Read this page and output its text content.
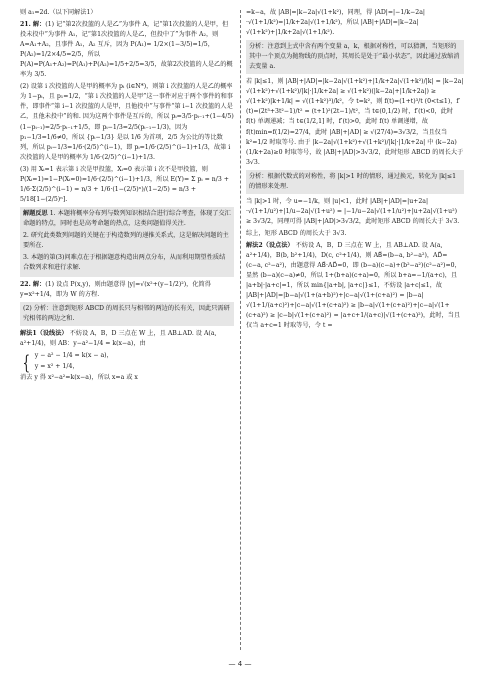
则 a₁=2d.（以下同解法1）

21. 解：(1) 记“第2次投篮的人是乙”为事件 A，记“第1次投篮的人是甲，但投未投中”为事件 A₁，记“第1次投篮的人是乙，但投中了”为事件 A₂，则 A=A₁+A₂，且事件 A₁，A₂ 互斥，因为 P(A₁)= 1/2×(1−3/5)=1/5，P(A₂)=1/2×4/5=2/5，所以 P(A)=P(A₁+A₂)=P(A₁)+P(A₂)=1/5+2/5=3/5，故第2次投篮的人是乙的概率为 3/5.

(2) 设第 i 次投篮的人是甲的概率为 pᵢ (i∈N*)，则第 i 次投篮的人是乙的概率为 1−pᵢ，且 p₁=1/2，“第 i 次投篮的人是甲”这一事件对应于两个事件的和事件，即事件“第 i−1 次投篮的人是甲，且他投中”与事件“第 i−1 次投篮的人是乙，且他未投中”的和. 因为这两个事件是互斥的，所以 pᵢ=3/5·pᵢ₋₁+(1−4/5)(1−pᵢ₋₁)=2/5·pᵢ₋₁+1/5，即 pᵢ−1/3=2/5(pᵢ₋₁−1/3)，因为 p₁−1/3=1/6≠0，所以 {pᵢ−1/3} 是以 1/6 为首项，2/5 为公比的等比数列，所以 pᵢ−1/3=1/6·(2/5)^(i−1)，即 pᵢ=1/6·(2/5)^(i−1)+1/3，故第 i 次投篮的人是甲的概率为 1/6·(2/5)^(i−1)+1/3.

(3) 用 Xᵢ=1 表示第 i 次是甲投篮，Xᵢ=0 表示第 i 次不是甲投篮，则 P(Xᵢ=1)=1−P(Xᵢ=0)=1/6·(2/5)^(i−1)+1/3，所以 E(Y)= Σ pᵢ = n/3 + 1/6·Σ(2/5)^(i−1) = n/3 + 1/6·(1−(2/5)ⁿ)/(1−2/5) = n/3 + 5/18[1−(2/5)ⁿ].

解题反思 1. 本题将概率分布列与数列知识相结合进行综合考查，体现了交汇命题的特点，同时也是高考命题的热点，这类问题值得关注.

2. 研究此类数列问题的关键在于构造数列的递推关系式，这是解决问题的主要所在.

3. 本题的第(3)问难点在于根据题意构造出两点分布，从而利用期望性质结合数列求和进行求解.

22. 解：(1) 设点 P(x,y)，则由题意得 |y|=√(x²+(y−1/2)²)，化简得 y=x²+1/4，即为 W 的方程.

(2) 分析：注意到矩形 ABCD 的周长只与相邻的两边的长有关，因此只需研究相邻的两边之和.

解法1（设线法） 不妨设 A，B，D 三点在 W 上，且 AB⊥AD. 设 A(a, a²+1/4)，则 AB：y−a²−1/4 = k(x−a)，由

{ y − a² − 1/4 = k(x − a)，
y = x² + 1/4，

消去 y 得 x²−a²=k(x−a)，所以 x=a 或 x

=k−a，故 |AB|=|k−2a|√(1+k²)，同理，得 |AD|=|−1/k−2a|·√(1+1/k²)=|1/k+2a|√(1+1/k²)，所以 |AB|+|AD|=|k−2a|√(1+k²)+|1/k+2a|√(1+1/k²).

分析：注意到上式中含有两个变量 a，k，根据对称性，可以猜测，当矩形的其中一个顶点为抛物线的顶点时，其周长是处于“最小状态”，因此通过放缩消去变量 a.

若 |k|≤1，则 |AB|+|AD|=|k−2a|√(1+k²)+|1/k+2a|√(1+k²)/|k| = |k−2a|√(1+k²)+√(1+k²)/|k|·|1/k+2a| ≥ √(1+k²)(|k−2a|+|1/k+2a|) ≥ √(1+k²)|k+1/k| = √((1+k²)³)/k²，令 t=k²，则 f(t)=(1+t)³/t (0<t≤1)，f′(t)=(2t³+3t²−1)/t² = (t+1)²(2t−1)/t²，当 t∈(0,1/2) 时，f′(t)<0，此时 f(t) 单调递减；当 t∈(1/2,1] 时，f′(t)>0，此时 f(t) 单调递增，故 f(t)min=f(1/2)=27/4，此时 |AB|+|AD| ≥ √(27/4)=3√3/2，当且仅当 k²=1/2 时取等号. 由于 |k−2a|√(1+k²)+√(1+k²)/|k|·|1/k+2a| 中 (k−2a)(1/k+2a)≥0 时取等号，故 |AB|+|AD|>3√3/2，此时矩形 ABCD 的周长大于 3√3.

分析：根据代数式的对称性，将 |k|>1 时的情形，通过换元，转化为 |k|≤1 的情形来处理.

当 |k|>1 时，令 u=−1/k，则 |u|<1，此时 |AB|+|AD|=|u+2a|·√(1+1/u²)+|1/u−2a|√(1+u²) = |−1/u−2a|√(1+1/u²)+|u+2a|√(1+u²) ≥ 3√3/2，同理可得 |AB|+|AD|>3√3/2，此时矩形 ABCD 的周长大于 3√3.

综上，矩形 ABCD 的周长大于 3√3.

解法2（设点法） 不妨设 A，B，D 三点在 W 上，且 AB⊥AD. 设 A(a, a²+1/4)，B(b, b²+1/4)，D(c, c²+1/4)，则 AB⃗=(b−a, b²−a²)，AD⃗=(c−a, c²−a²)，由题意得 AB⃗·AD⃗=0，即 (b−a)(c−a)+(b²−a²)(c²−a²)=0，显然 (b−a)(c−a)≠0，所以 1+(b+a)(c+a)=0，所以 b+a=−1/(a+c)，且 |a+b|·|a+c|=1，所以 min{|a+b|, |a+c|}≤1，不妨设 |a+c|≤1，故 |AB|+|AD|=|b−a|√(1+(a+b)²)+|c−a|√(1+(c+a)²) = |b−a|√(1+1/(a+c)²)+|c−a|√(1+(c+a)²) ≥ |b−a|√(1+(c+a)²)+|c−a|√(1+(c+a)²) ≥ |c−b|√(1+(c+a)²) = |a+c+1/(a+c)|√(1+(c+a)²)，此时，当且仅当 a+c=1 时取等号，令 t =

— 4 —
